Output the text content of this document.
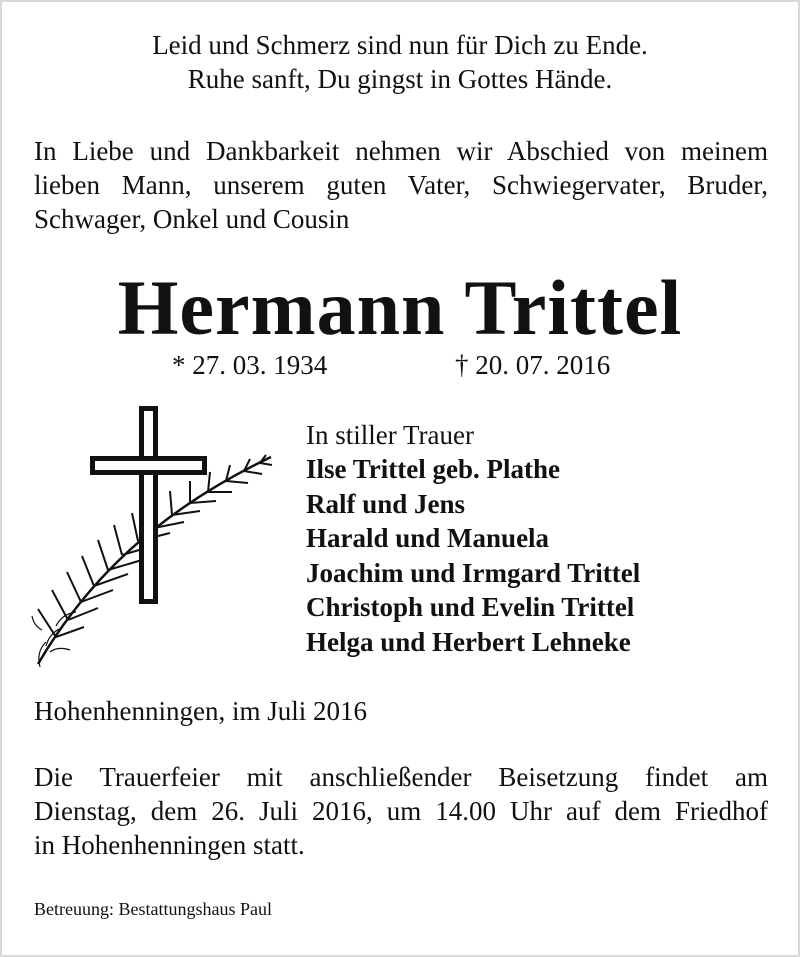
Leid und Schmerz sind nun für Dich zu Ende.
Ruhe sanft, Du gingst in Gottes Hände.
In Liebe und Dankbarkeit nehmen wir Abschied von meinem lieben Mann, unserem guten Vater, Schwiegervater, Bruder, Schwager, Onkel und Cousin
Hermann Trittel
* 27. 03. 1934	† 20. 07. 2016
In stiller Trauer
Ilse Trittel geb. Plathe
Ralf und Jens
Harald und Manuela
Joachim und Irmgard Trittel
Christoph und Evelin Trittel
Helga und Herbert Lehneke
Hohenhenningen, im Juli 2016
Die Trauerfeier mit anschließender Beisetzung findet am
Dienstag, dem 26. Juli 2016, um 14.00 Uhr auf dem Friedhof
in Hohenhenningen statt.
Betreuung: Bestattungshaus Paul
